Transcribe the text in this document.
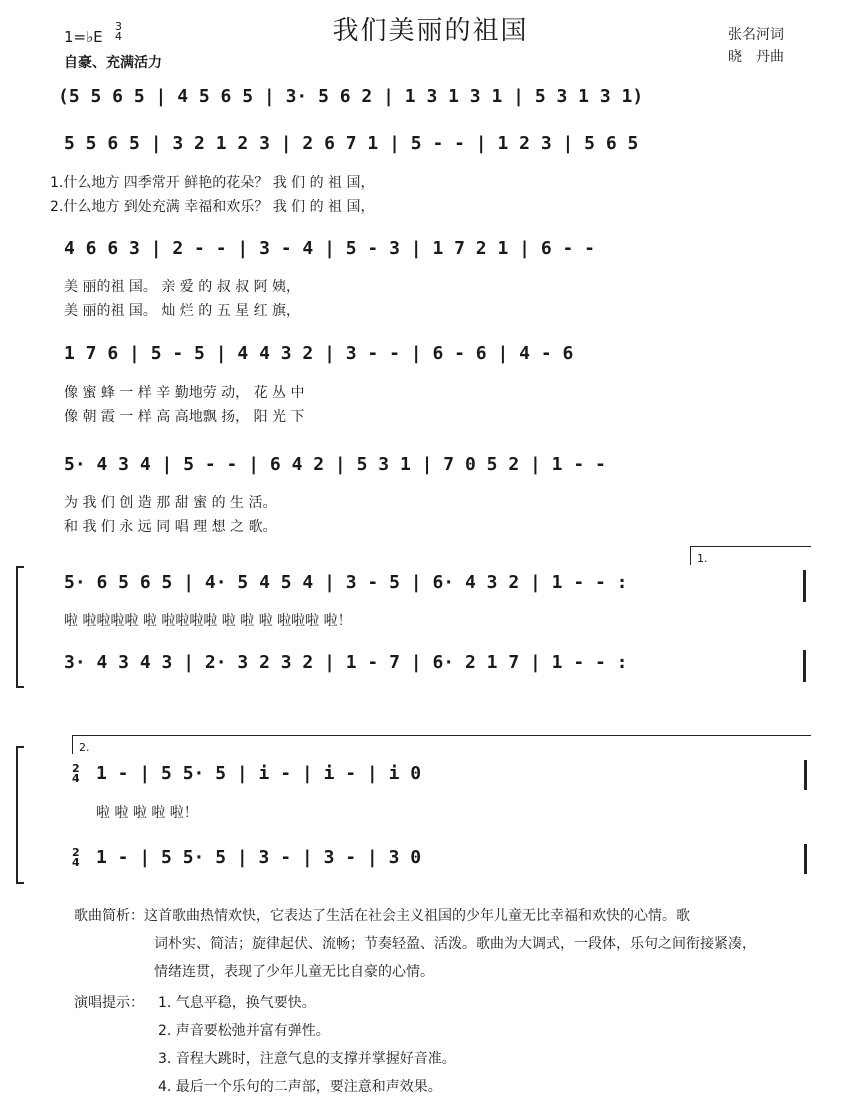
我们美丽的祖国
1=♭E
3
4
自豪、充满活力
张名河词
晓　丹曲
(5 5 6 5 | 4 5 6 5 | 3· 5 6 2 | 1 3 1 3 1 | 5 3 1 3 1)
5 5 6 5 | 3 2 1 2 3 | 2 6 7 1 | 5 - - | 1 2 3 | 5 6 5
1.什么地方 四季常开 鲜艳的花朵？ 我 们 的 祖 国，
2.什么地方 到处充满 幸福和欢乐？ 我 们 的 祖 国，
4 6 6 3 | 2 - - | 3 - 4 | 5 - 3 | 1 7 2 1 | 6 - -
美 丽的祖 国。 亲 爱 的 叔 叔 阿 姨，
美 丽的祖 国。 灿 烂 的 五 星 红 旗，
1 7 6 | 5 - 5 | 4 4 3 2 | 3 - - | 6 - 6 | 4 - 6
像 蜜 蜂 一 样 辛 勤地劳 动， 花 丛 中
像 朝 霞 一 样 高 高地飘 扬， 阳 光 下
5· 4 3 4 | 5 - - | 6 4 2 | 5 3 1 | 7 0 5 2 | 1 - -
为 我 们 创 造 那 甜 蜜 的 生 活。
和 我 们 永 远 同 唱 理 想 之 歌。
1.
5· 6 5 6 5 | 4· 5 4 5 4 | 3 - 5 | 6· 4 3 2 | 1 - - :
啦 啦啦啦啦 啦 啦啦啦啦 啦 啦 啦 啦啦啦 啦！
3· 4 3 4 3 | 2· 3 2 3 2 | 1 - 7 | 6· 2 1 7 | 1 - - :
2.
2
4 1 - | 5 5· 5 | i - | i - | i 0
啦 啦 啦 啦 啦！
2
4 1 - | 5 5· 5 | 3 - | 3 - | 3 0
歌曲简析：这首歌曲热情欢快，它表达了生活在社会主义祖国的少年儿童无比幸福和欢快的心情。歌
词朴实、简洁；旋律起伏、流畅；节奏轻盈、活泼。歌曲为大调式，一段体，乐句之间衔接紧凑，
情绪连贯，表现了少年儿童无比自豪的心情。
演唱提示： 1. 气息平稳，换气要快。
2. 声音要松弛并富有弹性。
3. 音程大跳时，注意气息的支撑并掌握好音准。
4. 最后一个乐句的二声部，要注意和声效果。
